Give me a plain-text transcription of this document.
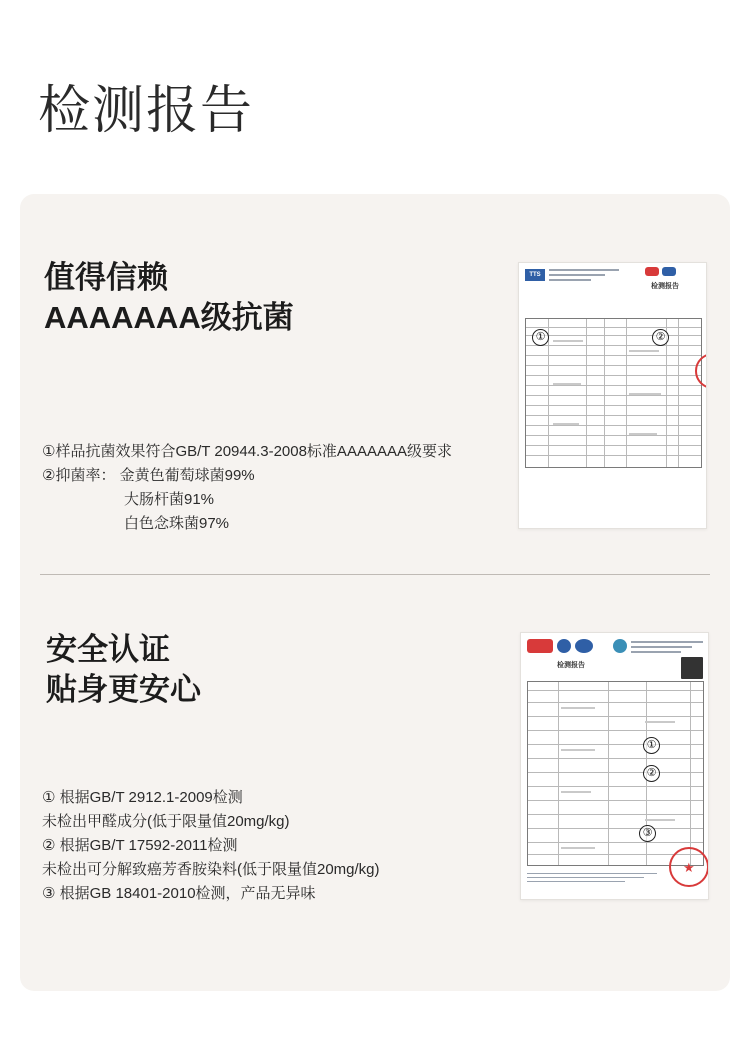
检测报告
值得信赖
AAAAAAA级抗菌
①样品抗菌效果符合GB/T 20944.3-2008标准AAAAAAA级要求
②抑菌率： 金黄色葡萄球菌99%
大肠杆菌91%
白色念珠菌97%
TTS
检测报告
①	②
安全认证
贴身更安心
① 根据GB/T 2912.1-2009检测
未检出甲醛成分(低于限量值20mg/kg)
② 根据GB/T 17592-2011检测
未检出可分解致癌芳香胺染料(低于限量值20mg/kg)
③ 根据GB 18401-2010检测，产品无异味
检测报告
①
②
③
★
